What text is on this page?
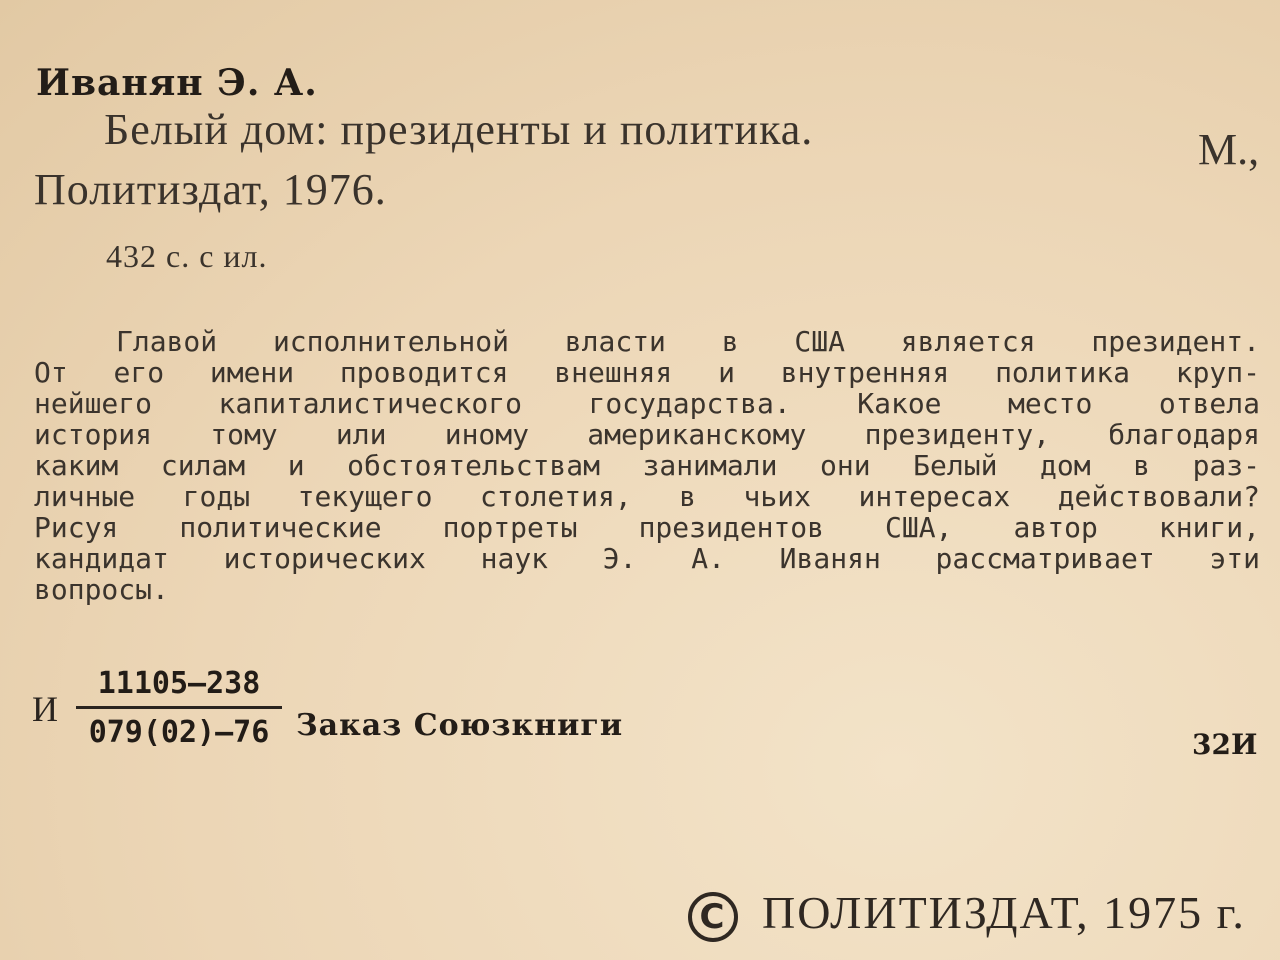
Иванян Э. А.
Белый дом: президенты и политика.	М.,
Политиздат, 1976.
432 с. с ил.
Главой исполнительной власти в США является президент.
От его имени проводится внешняя и внутренняя политика круп-
нейшего капиталистического государства. Какое место отвела
история тому или иному американскому президенту, благодаря
каким силам и обстоятельствам занимали они Белый дом в раз-
личные годы текущего столетия, в чьих интересах действовали?
Рисуя политические портреты президентов США, автор книги,
кандидат исторических наук Э. А. Иванян рассматривает эти
вопросы.
И
11105—238
079(02)—76 Заказ Союзкниги
32И
C ПОЛИТИЗДАТ, 1975 г.
